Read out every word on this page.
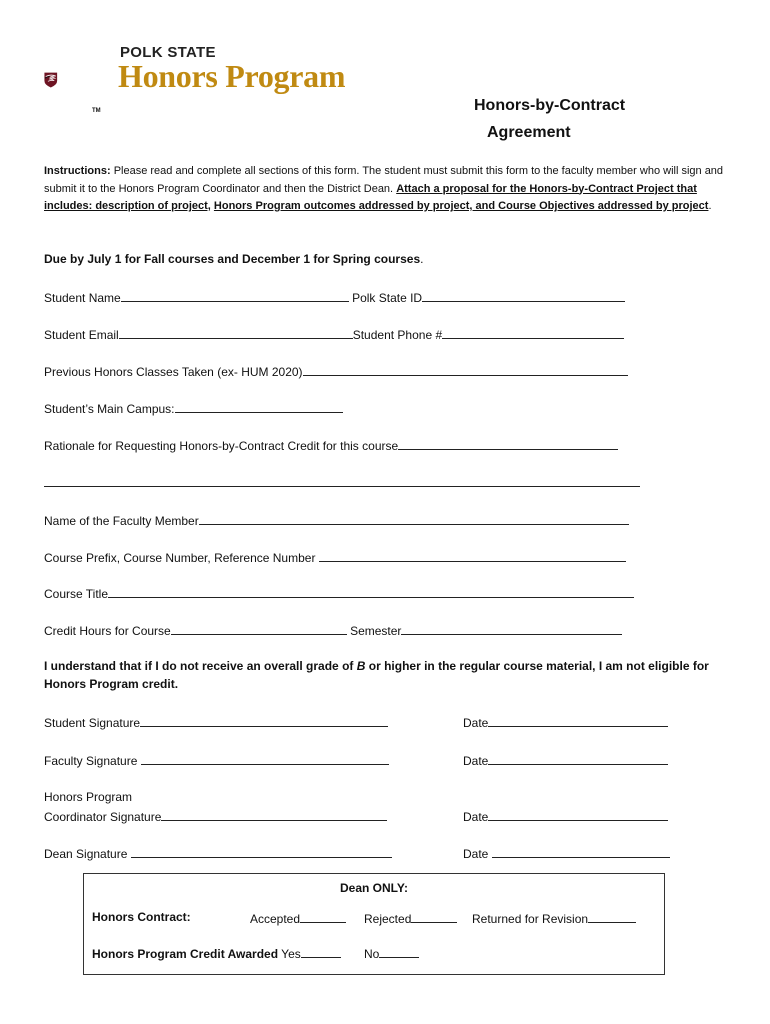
POLK STATE
Honors Program
TM	Honors-by-Contract
Agreement
Instructions: Please read and complete all sections of this form. The student must submit this form to the faculty member who will sign and submit it to the Honors Program Coordinator and then the District Dean. Attach a proposal for the Honors-by-Contract Project that includes: description of project, Honors Program outcomes addressed by project, and Course Objectives addressed by project.
Due by July 1 for Fall courses and December 1 for Spring courses.
Student Name	Polk State ID
Student Email	Student Phone #
Previous Honors Classes Taken (ex- HUM 2020)
Student’s Main Campus:
Rationale for Requesting Honors-by-Contract Credit for this course
Name of the Faculty Member
Course Prefix, Course Number, Reference Number
Course Title
Credit Hours for Course	Semester
I understand that if I do not receive an overall grade of B or higher in the regular course material, I am not eligible for
Honors Program credit.
Student Signature	Date
Faculty Signature	Date
Honors Program
Coordinator Signature	Date
Dean Signature	Date
Dean ONLY:
Honors Contract:	Accepted	Rejected	Returned for Revision
Honors Program Credit Awarded Yes	No
